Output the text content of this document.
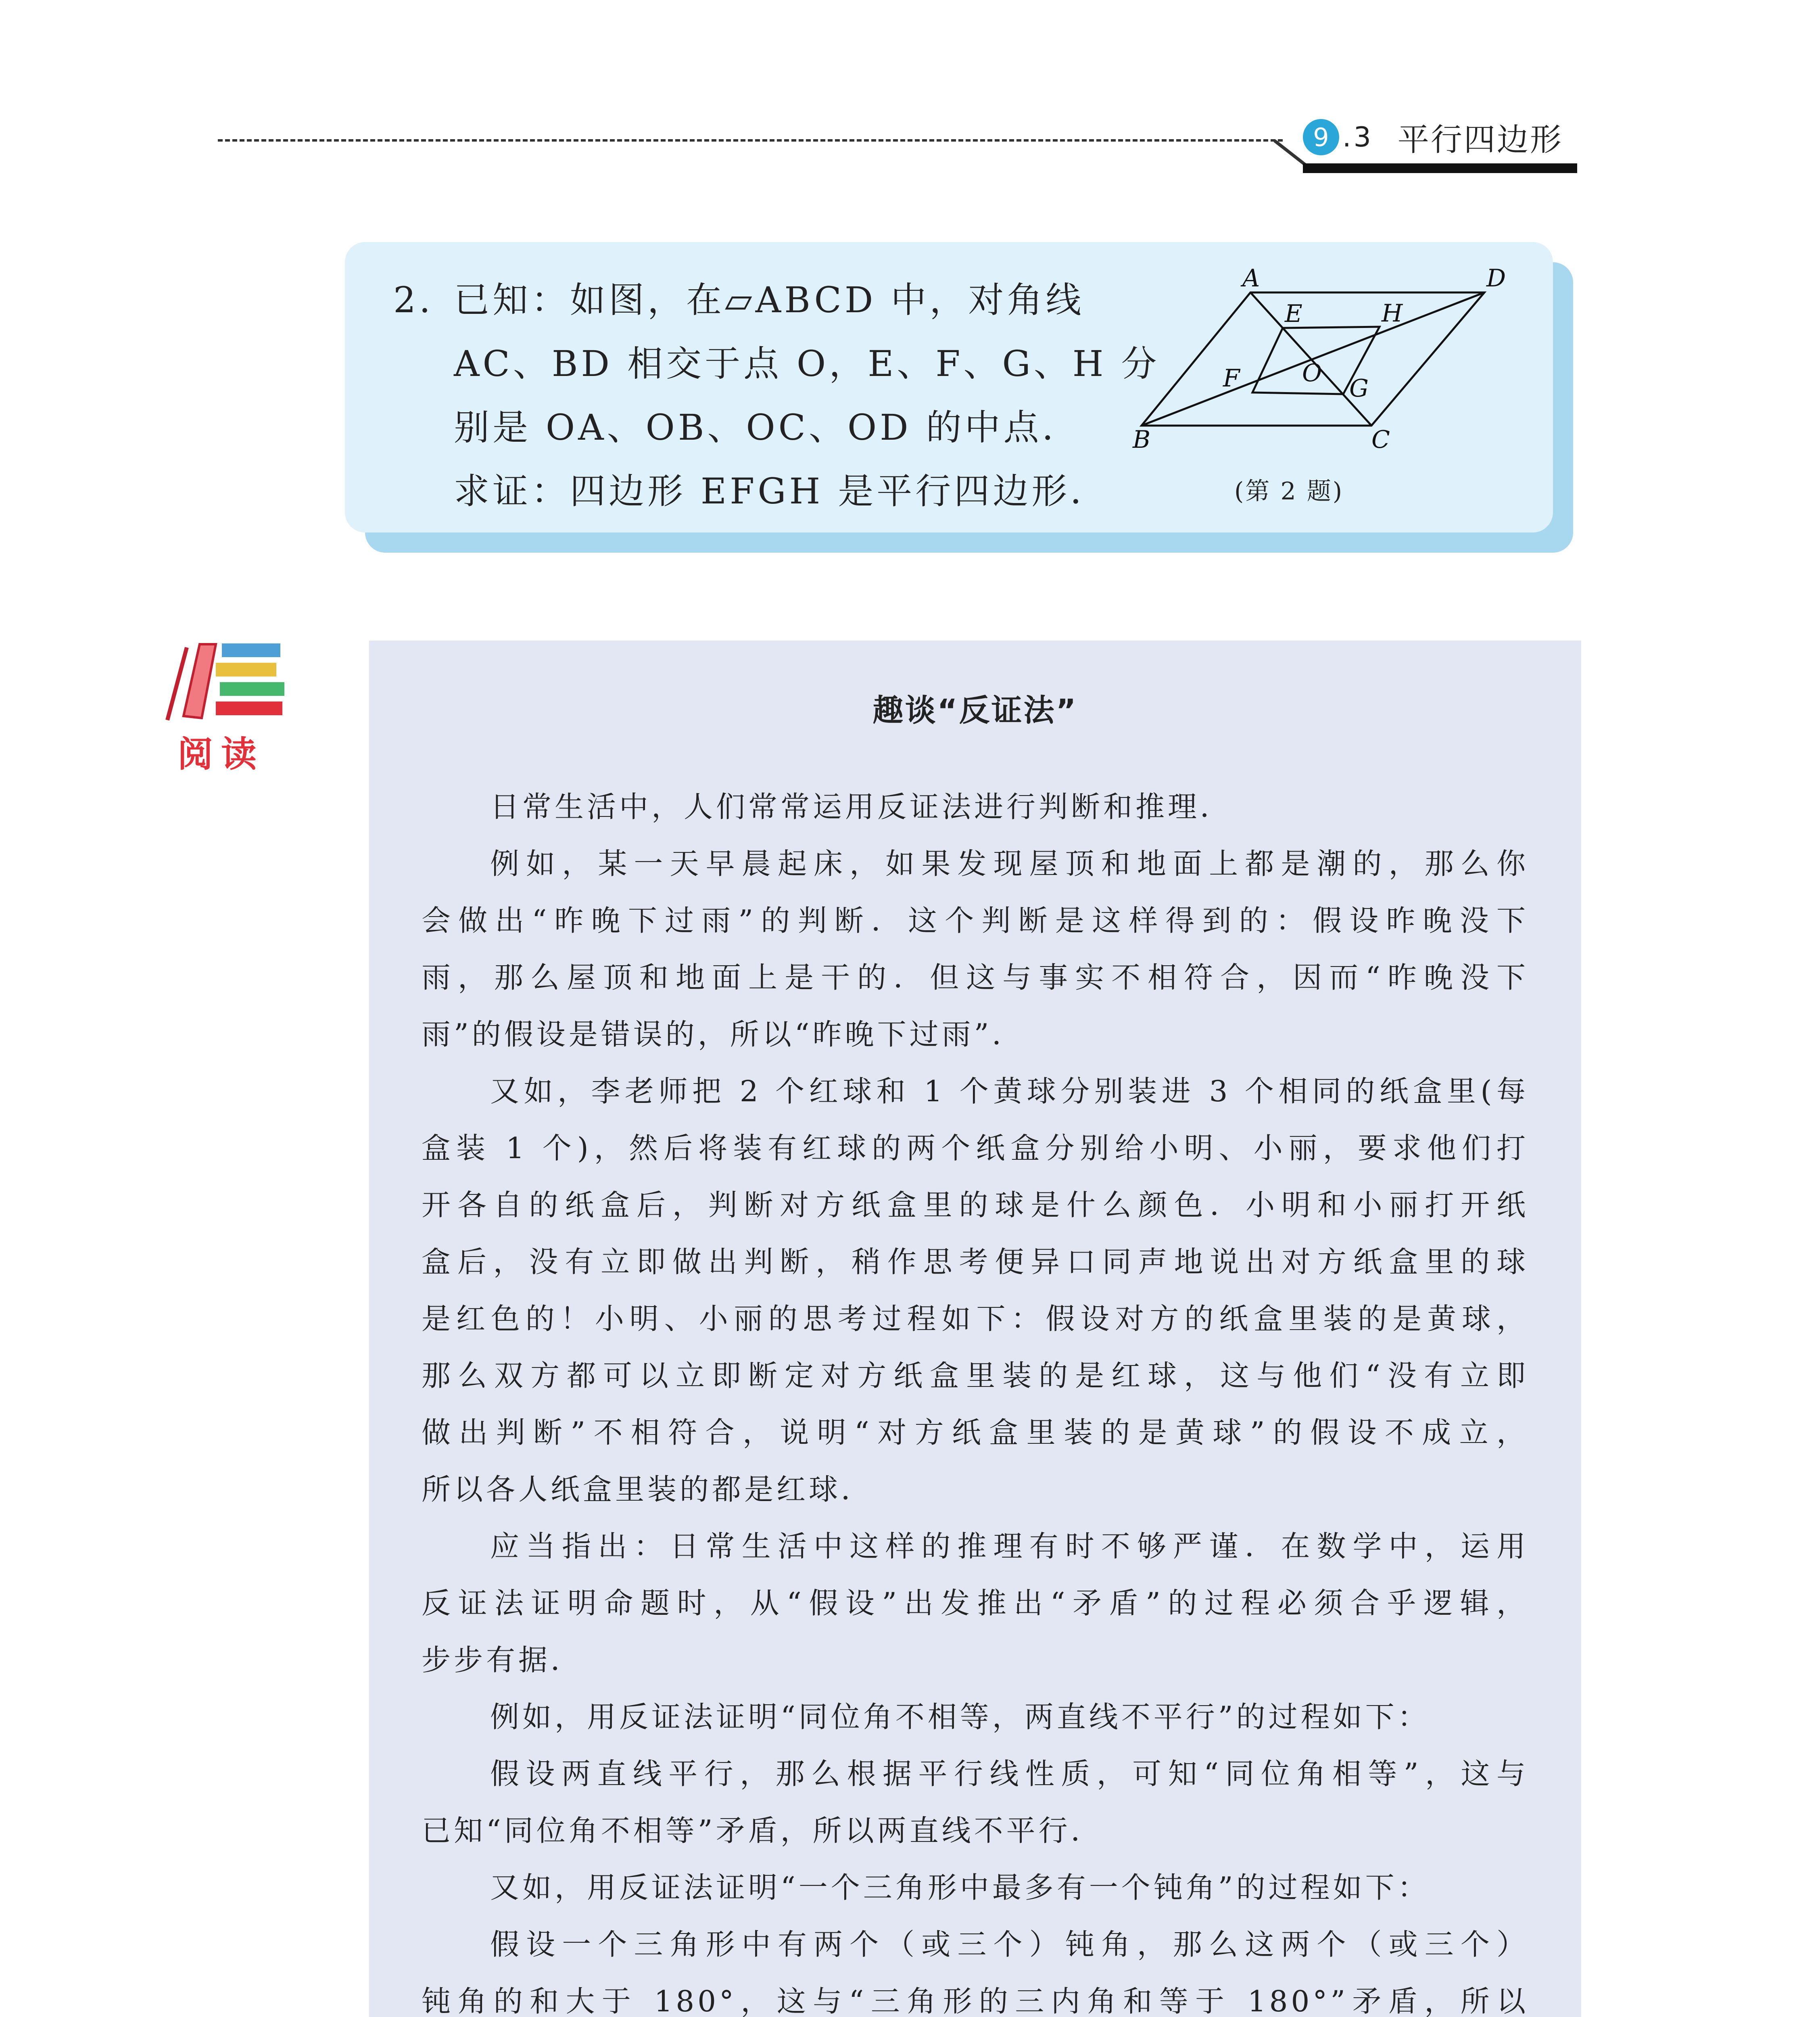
9 .3 平行四边形
2. 已知：如图，在▱ABCD 中，对角线
AC、BD 相交于点 O，E、F、G、H 分
别是 OA、OB、OC、OD 的中点．
求证：四边形 EFGH 是平行四边形．
A	D
E	H
F	O
G
B	C
(第 2 题)
阅读
趣谈“反证法”
日常生活中，人们常常运用反证法进行判断和推理．
例如，某一天早晨起床，如果发现屋顶和地面上都是潮的，那么你
会做出“昨晚下过雨”的判断．这个判断是这样得到的：假设昨晚没下
雨，那么屋顶和地面上是干的．但这与事实不相符合，因而“昨晚没下
雨”的假设是错误的，所以“昨晚下过雨”．
又如，李老师把 2 个红球和 1 个黄球分别装进 3 个相同的纸盒里(每
盒装 1 个)，然后将装有红球的两个纸盒分别给小明、小丽，要求他们打
开各自的纸盒后，判断对方纸盒里的球是什么颜色．小明和小丽打开纸
盒后，没有立即做出判断，稍作思考便异口同声地说出对方纸盒里的球
是红色的！小明、小丽的思考过程如下：假设对方的纸盒里装的是黄球，
那么双方都可以立即断定对方纸盒里装的是红球，这与他们“没有立即
做出判断”不相符合，说明“对方纸盒里装的是黄球”的假设不成立，
所以各人纸盒里装的都是红球．
应当指出：日常生活中这样的推理有时不够严谨．在数学中，运用
反证法证明命题时，从“假设”出发推出“矛盾”的过程必须合乎逻辑，
步步有据．
例如，用反证法证明“同位角不相等，两直线不平行”的过程如下：
假设两直线平行，那么根据平行线性质，可知“同位角相等”，这与
已知“同位角不相等”矛盾，所以两直线不平行．
又如，用反证法证明“一个三角形中最多有一个钝角”的过程如下：
假设一个三角形中有两个（或三个）钝角，那么这两个（或三个）
钝角的和大于 180°，这与“三角形的三内角和等于 180°”矛盾，所以
